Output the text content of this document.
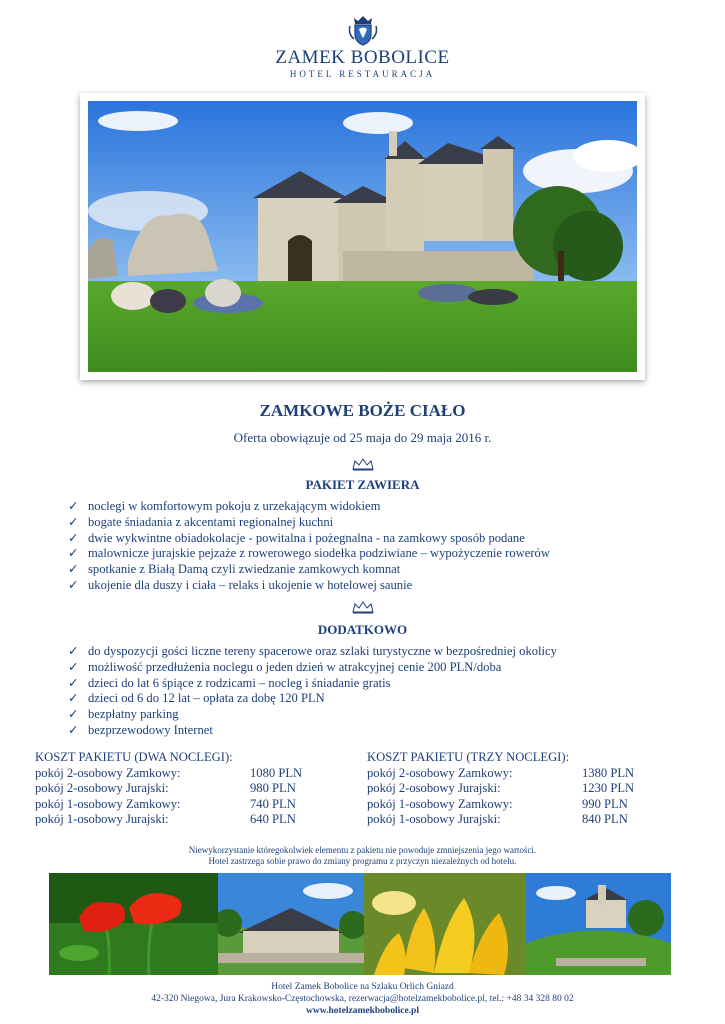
ZAMEK BOBOLICE
HOTEL RESTAURACJA
ZAMKOWE BOŻE CIAŁO
Oferta obowiązuje od 25 maja do 29 maja 2016 r.
PAKIET ZAWIERA
✓ noclegi w komfortowym pokoju z urzekającym widokiem
✓ bogate śniadania z akcentami regionalnej kuchni
✓ dwie wykwintne obiadokolacje - powitalna i pożegnalna - na zamkowy sposób podane
✓ malownicze jurajskie pejzaże z rowerowego siodełka podziwiane – wypożyczenie rowerów
✓ spotkanie z Białą Damą czyli zwiedzanie zamkowych komnat
✓ ukojenie dla duszy i ciała – relaks i ukojenie w hotelowej saunie
DODATKOWO
✓ do dyspozycji gości liczne tereny spacerowe oraz szlaki turystyczne w bezpośredniej okolicy
✓ możliwość przedłużenia noclegu o jeden dzień w atrakcyjnej cenie 200 PLN/doba
✓ dzieci do lat 6 śpiące z rodzicami – nocleg i śniadanie gratis
✓ dzieci od 6 do 12 lat – opłata za dobę 120 PLN
✓ bezpłatny parking
✓ bezprzewodowy Internet
KOSZT PAKIETU (DWA NOCLEGI):
pokój 2-osobowy Zamkowy:	1080 PLN
pokój 2-osobowy Jurajski:	980 PLN
pokój 1-osobowy Zamkowy:	740 PLN
pokój 1-osobowy Jurajski:	640 PLN
KOSZT PAKIETU (TRZY NOCLEGI):
pokój 2-osobowy Zamkowy:	1380 PLN
pokój 2-osobowy Jurajski:	1230 PLN
pokój 1-osobowy Zamkowy:	990 PLN
pokój 1-osobowy Jurajski:	840 PLN
Niewykorzystanie któregokolwiek elementu z pakietu nie powoduje zmniejszenia jego wartości.
Hotel zastrzega sobie prawo do zmiany programu z przyczyn niezależnych od hotelu.
Hotel Zamek Bobolice na Szlaku Orlich Gniazd
42-320 Niegowa, Jura Krakowsko-Częstochowska, rezerwacja@hotelzamekbobolice.pl, tel.: +48 34 328 80 02
www.hotelzamekbobolice.pl
